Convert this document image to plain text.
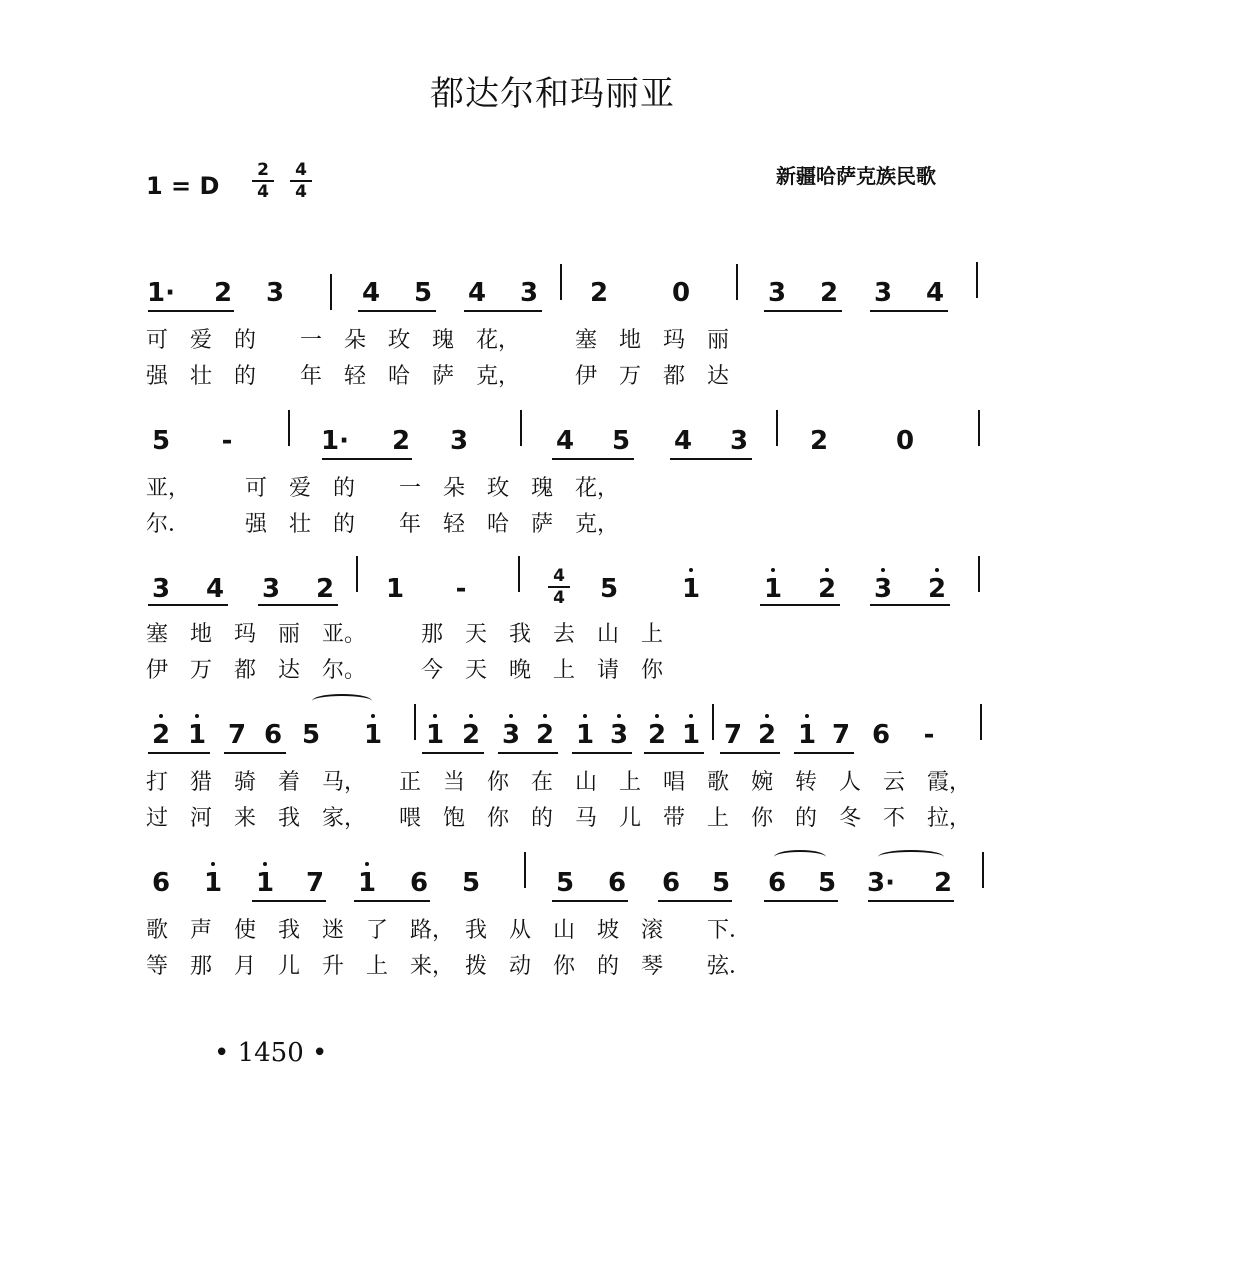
都达尔和玛丽亚
1 = D
2
4
4
4
新疆哈萨克族民歌
1· 2 3	4 5 4 3 2 0	3 2 3 4
可　爱　的　　一　朵　玫　瑰　花，　　　塞　地　玛　丽
强　壮　的　　年　轻　哈　萨　克，　　　伊　万　都　达
5	-	1· 2 3	4 5 4 3 2	0
亚，　　　可　爱　的　　一　朵　玫　瑰　花，
尔．　　　强　壮　的　　年　轻　哈　萨　克，
3 4 3 2 1	-	4
4 5 1 1 2 3 2
塞　地　玛　丽　亚。　　　那　天　我　去　山　上
伊　万　都　达　尔。　　　今　天　晚　上　请　你
2 1 7 6 5 1 1 2 3 2 1 3 2 1 7 2 1 7 6	-
打　猎　骑　着　马，　　正　当　你　在　山　上　唱　歌　婉　转　人　云　霞，
过　河　来　我　家，　　喂　饱　你　的　马　儿　带　上　你　的　冬　不　拉，
6 1 1 7 1 6 5	5 6 6 5 6 5 3· 2
歌　声　使　我　迷　了　路，　我　从　山　坡　滚　　下．
等　那　月　儿　升　上　来，　拨　动　你　的　琴　　弦．
• 1450 •
